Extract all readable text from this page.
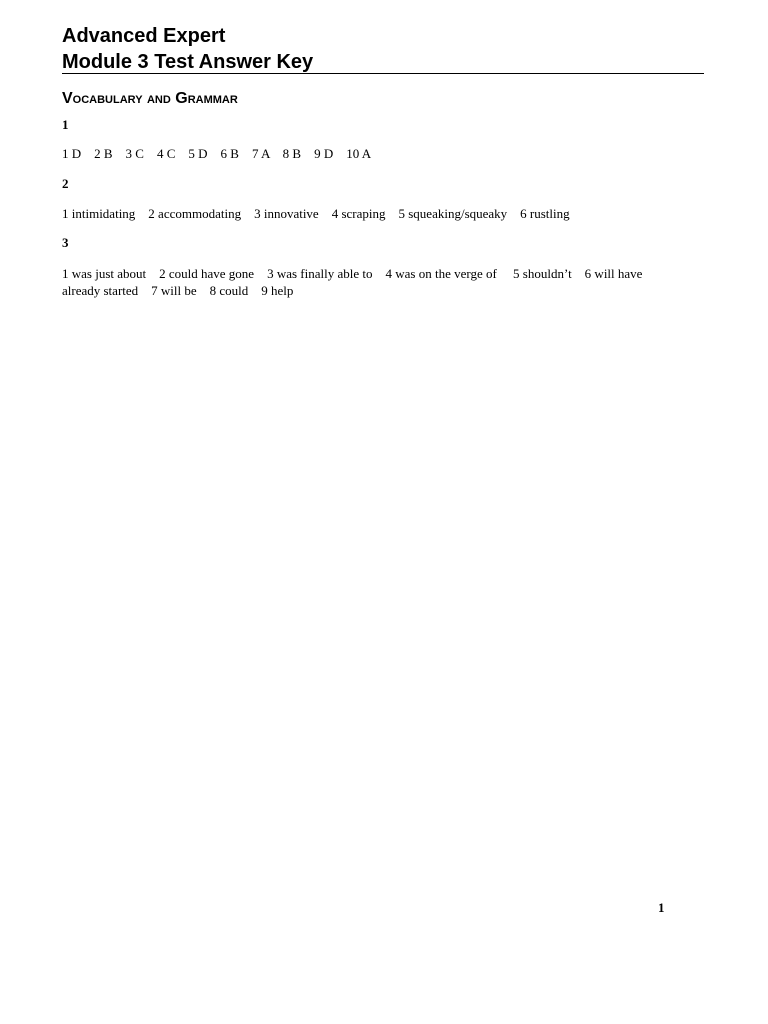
Advanced Expert
Module 3 Test Answer Key
Vocabulary and Grammar

1

1 D    2 B    3 C    4 C    5 D    6 B    7 A    8 B    9 D    10 A

2

1 intimidating    2 accommodating    3 innovative    4 scraping    5 squeaking/squeaky    6 rustling

3

1 was just about    2 could have gone    3 was finally able to    4 was on the verge of     5 shouldn’t    6 will have
already started    7 will be    8 could    9 help

1
